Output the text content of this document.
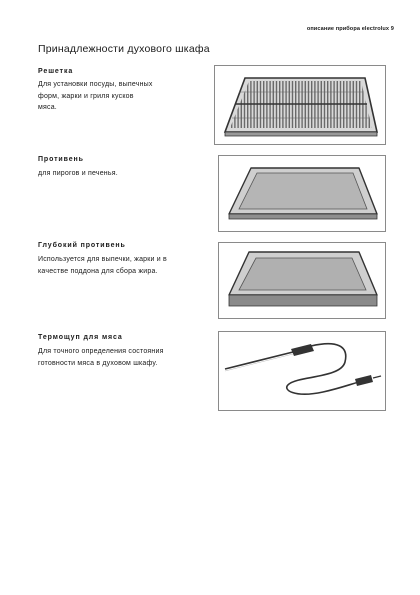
описание прибора electrolux 9
Принадлежности духового шкафа
Решетка
Для установки посуды, выпечных
форм, жарки и гриля кусков
мяса.
Противень
для пирогов и печенья.
Глубокий противень
Используется для выпечки, жарки и в
качестве поддона для сбора жира.
Термощуп для мяса
Для точного определения состояния
готовности мяса в духовом шкафу.
